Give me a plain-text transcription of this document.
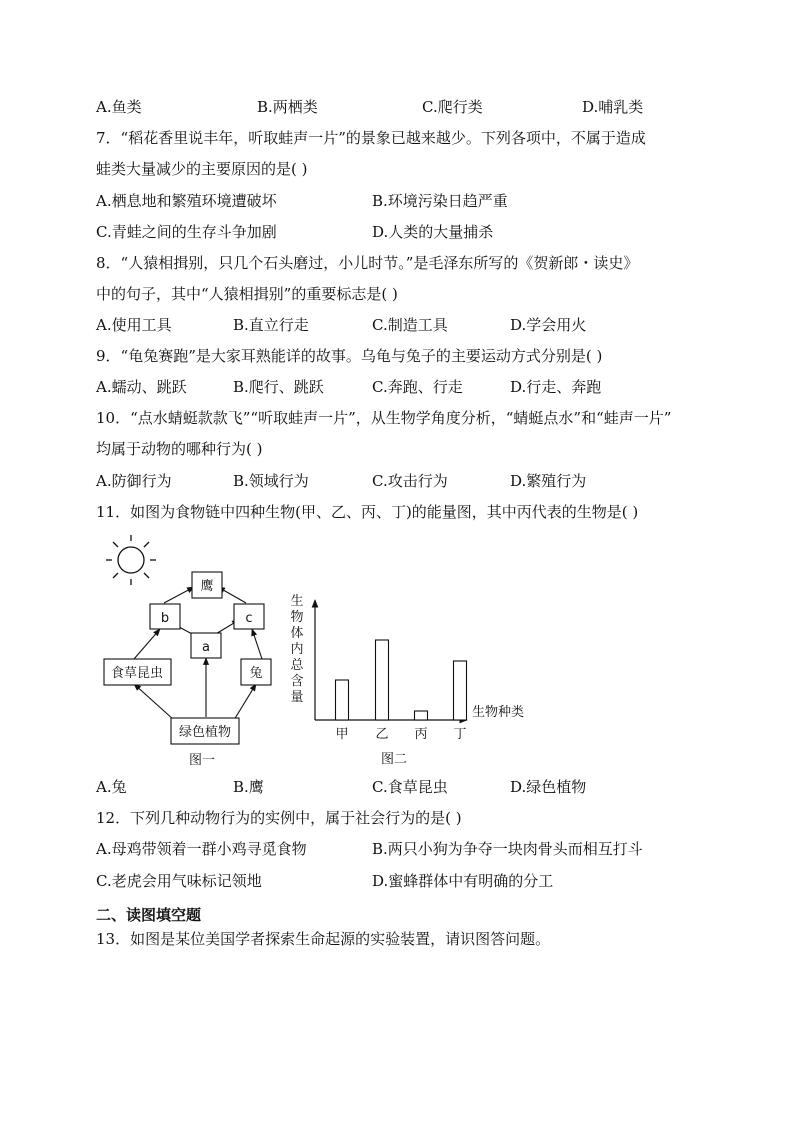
A.鱼类	B.两栖类	C.爬行类	D.哺乳类
7．“稻花香里说丰年，听取蛙声一片”的景象已越来越少。下列各项中，不属于造成
蛙类大量减少的主要原因的是( )
A.栖息地和繁殖环境遭破坏	B.环境污染日趋严重
C.青蛙之间的生存斗争加剧	D.人类的大量捕杀
8．“人猿相揖别，只几个石头磨过，小儿时节。”是毛泽东所写的《贺新郎・读史》
中的句子，其中“人猿相揖别”的重要标志是( )
A.使用工具	B.直立行走	C.制造工具	D.学会用火
9．“龟兔赛跑”是大家耳熟能详的故事。乌龟与兔子的主要运动方式分别是( )
A.蠕动、跳跃	B.爬行、跳跃	C.奔跑、行走	D.行走、奔跑
10．“点水蜻蜓款款飞”“听取蛙声一片”，从生物学角度分析，“蜻蜓点水”和“蛙声一片”
均属于动物的哪种行为( )
A.防御行为	B.领域行为	C.攻击行为	D.繁殖行为
11．如图为食物链中四种生物(甲、乙、丙、丁)的能量图，其中丙代表的生物是( )
鹰
b	c
a
食草昆虫	兔
绿色植物
图一
生
物
体
内
总
含
量
生物种类
甲 乙 丙 丁
图二
A.兔	B.鹰	C.食草昆虫	D.绿色植物
12．下列几种动物行为的实例中，属于社会行为的是( )
A.母鸡带领着一群小鸡寻觅食物	B.两只小狗为争夺一块肉骨头而相互打斗
C.老虎会用气味标记领地	D.蜜蜂群体中有明确的分工
二、读图填空题
13．如图是某位美国学者探索生命起源的实验装置，请识图答问题。
